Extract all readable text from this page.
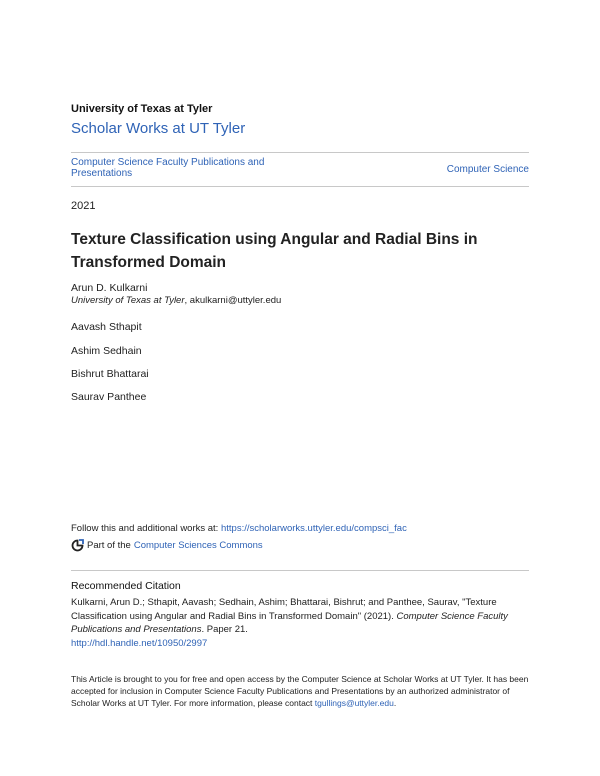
University of Texas at Tyler
Scholar Works at UT Tyler
Computer Science Faculty Publications and Presentations	Computer Science
2021
Texture Classification using Angular and Radial Bins in Transformed Domain
Arun D. Kulkarni
University of Texas at Tyler, akulkarni@uttyler.edu
Aavash Sthapit
Ashim Sedhain
Bishrut Bhattarai
Saurav Panthee
Follow this and additional works at: https://scholarworks.uttyler.edu/compsci_fac
Part of the Computer Sciences Commons
Recommended Citation
Kulkarni, Arun D.; Sthapit, Aavash; Sedhain, Ashim; Bhattarai, Bishrut; and Panthee, Saurav, "Texture Classification using Angular and Radial Bins in Transformed Domain" (2021). Computer Science Faculty Publications and Presentations. Paper 21.
http://hdl.handle.net/10950/2997
This Article is brought to you for free and open access by the Computer Science at Scholar Works at UT Tyler. It has been accepted for inclusion in Computer Science Faculty Publications and Presentations by an authorized administrator of Scholar Works at UT Tyler. For more information, please contact tgullings@uttyler.edu.
